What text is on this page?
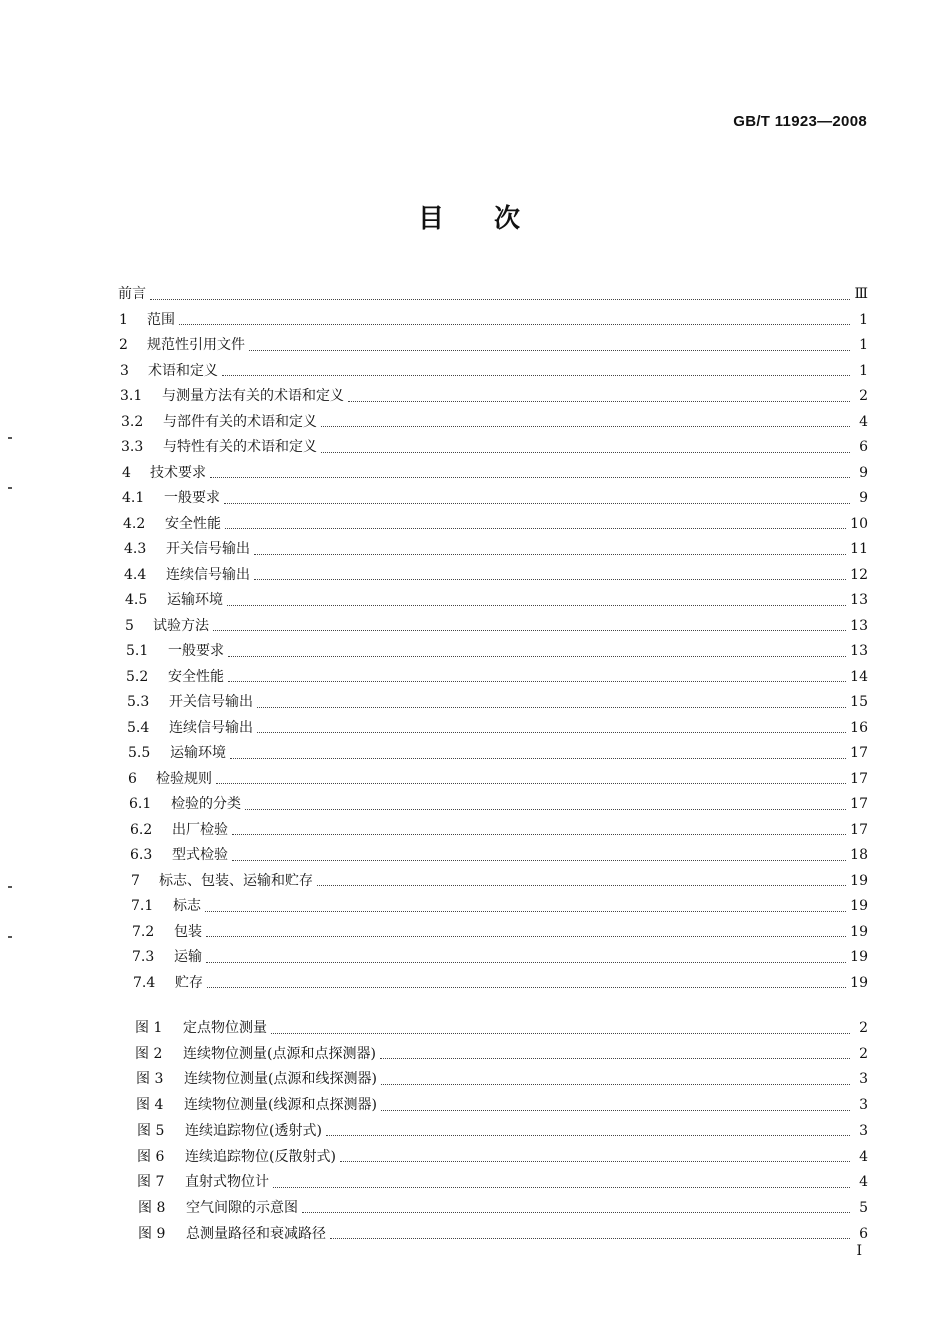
GB/T 11923—2008
目次
前言	Ⅲ
1	范围	1
2	规范性引用文件	1
3	术语和定义	1
3.1	与测量方法有关的术语和定义	2
3.2	与部件有关的术语和定义	4
3.3	与特性有关的术语和定义	6
4	技术要求	9
4.1	一般要求	9
4.2	安全性能	10
4.3	开关信号输出	11
4.4	连续信号输出	12
4.5	运输环境	13
5	试验方法	13
5.1	一般要求	13
5.2	安全性能	14
5.3	开关信号输出	15
5.4	连续信号输出	16
5.5	运输环境	17
6	检验规则	17
6.1	检验的分类	17
6.2	出厂检验	17
6.3	型式检验	18
7	标志、包装、运输和贮存	19
7.1	标志	19
7.2	包装	19
7.3	运输	19
7.4	贮存	19
图 1	定点物位测量	2
图 2	连续物位测量(点源和点探测器)	2
图 3	连续物位测量(点源和线探测器)	3
图 4	连续物位测量(线源和点探测器)	3
图 5	连续追踪物位(透射式)	3
图 6	连续追踪物位(反散射式)	4
图 7	直射式物位计	4
图 8	空气间隙的示意图	5
图 9	总测量路径和衰减路径	6
I
